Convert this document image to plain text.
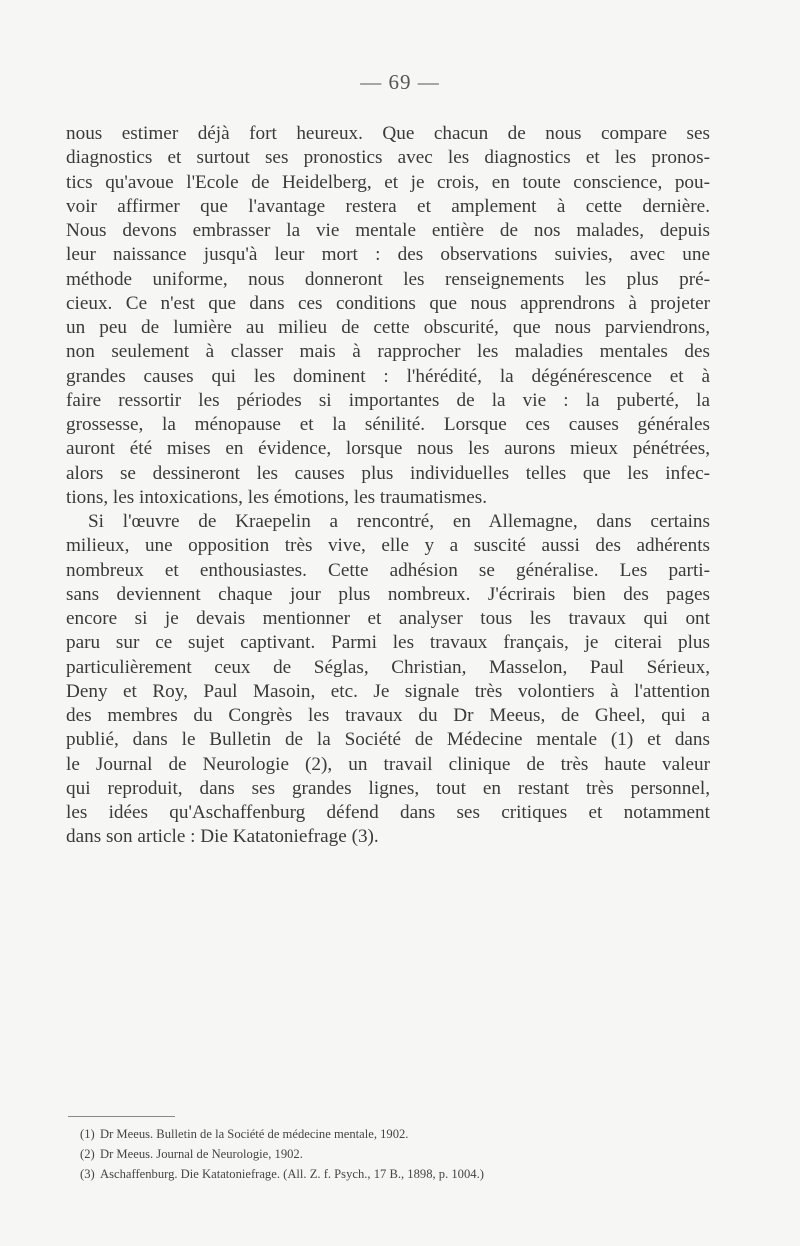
— 69 —
nous estimer déjà fort heureux. Que chacun de nous compare ses
diagnostics et surtout ses pronostics avec les diagnostics et les pronos-
tics qu'avoue l'Ecole de Heidelberg, et je crois, en toute conscience, pou-
voir affirmer que l'avantage restera et amplement à cette dernière.
Nous devons embrasser la vie mentale entière de nos malades, depuis
leur naissance jusqu'à leur mort : des observations suivies, avec une
méthode uniforme, nous donneront les renseignements les plus pré-
cieux. Ce n'est que dans ces conditions que nous apprendrons à projeter
un peu de lumière au milieu de cette obscurité, que nous parviendrons,
non seulement à classer mais à rapprocher les maladies mentales des
grandes causes qui les dominent : l'hérédité, la dégénérescence et à
faire ressortir les périodes si importantes de la vie : la puberté, la
grossesse, la ménopause et la sénilité. Lorsque ces causes générales
auront été mises en évidence, lorsque nous les aurons mieux pénétrées,
alors se dessineront les causes plus individuelles telles que les infec-
tions, les intoxications, les émotions, les traumatismes.
Si l'œuvre de Kraepelin a rencontré, en Allemagne, dans certains
milieux, une opposition très vive, elle y a suscité aussi des adhérents
nombreux et enthousiastes. Cette adhésion se généralise. Les parti-
sans deviennent chaque jour plus nombreux. J'écrirais bien des pages
encore si je devais mentionner et analyser tous les travaux qui ont
paru sur ce sujet captivant. Parmi les travaux français, je citerai plus
particulièrement ceux de Séglas, Christian, Masselon, Paul Sérieux,
Deny et Roy, Paul Masoin, etc. Je signale très volontiers à l'attention
des membres du Congrès les travaux du Dr Meeus, de Gheel, qui a
publié, dans le Bulletin de la Société de Médecine mentale (1) et dans
le Journal de Neurologie (2), un travail clinique de très haute valeur
qui reproduit, dans ses grandes lignes, tout en restant très personnel,
les idées qu'Aschaffenburg défend dans ses critiques et notamment
dans son article : Die Katatoniefrage (3).
(1) Dr Meeus. Bulletin de la Société de médecine mentale, 1902.
(2) Dr Meeus. Journal de Neurologie, 1902.
(3) Aschaffenburg. Die Katatoniefrage. (All. Z. f. Psych., 17 B., 1898, p. 1004.)
